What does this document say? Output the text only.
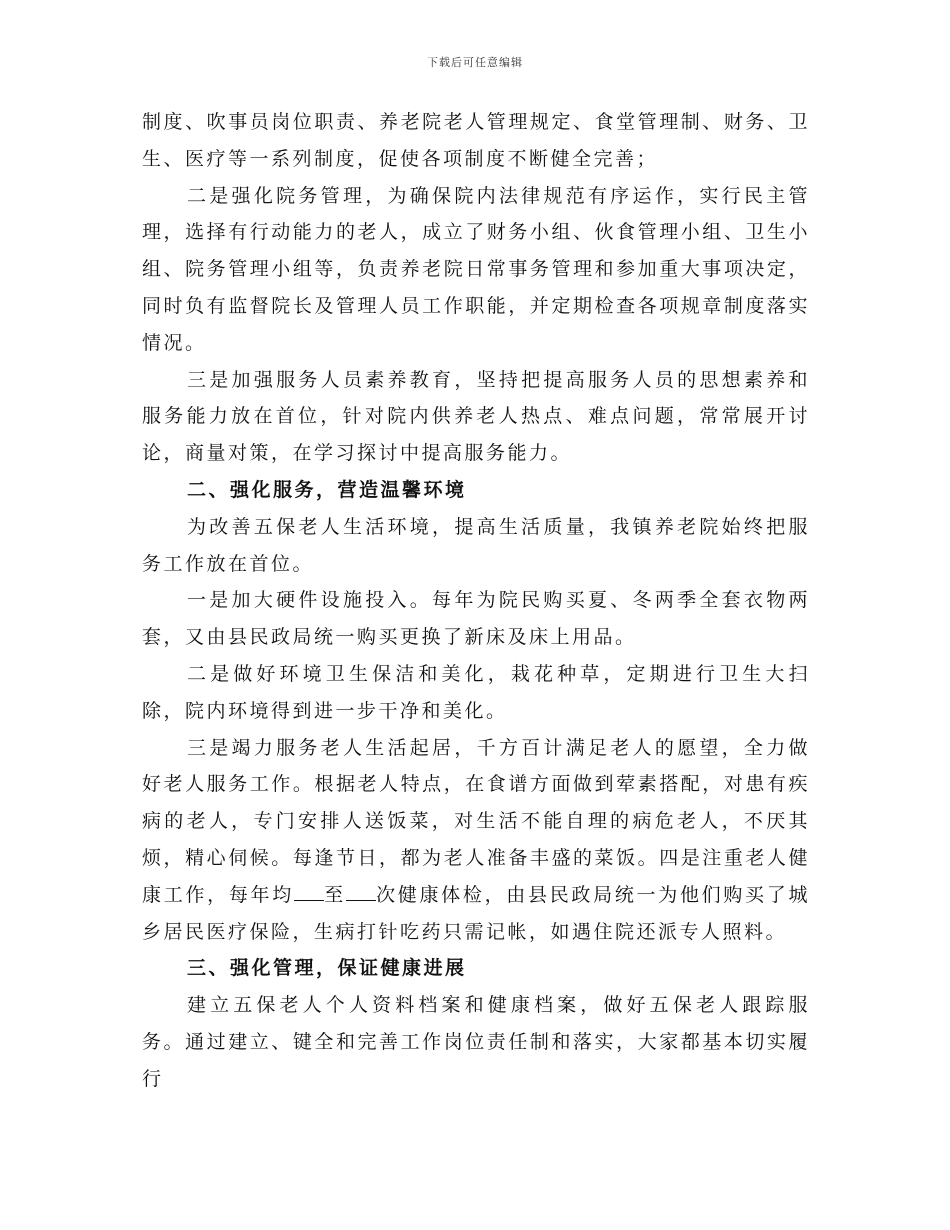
下载后可任意编辑

制度、吹事员岗位职责、养老院老人管理规定、食堂管理制、财务、卫生、医疗等一系列制度，促使各项制度不断健全完善；

二是强化院务管理，为确保院内法律规范有序运作，实行民主管理，选择有行动能力的老人，成立了财务小组、伙食管理小组、卫生小组、院务管理小组等，负责养老院日常事务管理和参加重大事项决定，同时负有监督院长及管理人员工作职能，并定期检查各项规章制度落实情况。

三是加强服务人员素养教育，坚持把提高服务人员的思想素养和服务能力放在首位，针对院内供养老人热点、难点问题，常常展开讨论，商量对策，在学习探讨中提高服务能力。

二、强化服务，营造温馨环境

为改善五保老人生活环境，提高生活质量，我镇养老院始终把服务工作放在首位。

一是加大硬件设施投入。每年为院民购买夏、冬两季全套衣物两套，又由县民政局统一购买更换了新床及床上用品。

二是做好环境卫生保洁和美化，栽花种草，定期进行卫生大扫除，院内环境得到进一步干净和美化。

三是竭力服务老人生活起居，千方百计满足老人的愿望，全力做好老人服务工作。根据老人特点，在食谱方面做到荤素搭配，对患有疾病的老人，专门安排人送饭菜，对生活不能自理的病危老人，不厌其烦，精心伺候。每逢节日，都为老人准备丰盛的菜饭。四是注重老人健康工作，每年均 至 次健康体检，由县民政局统一为他们购买了城乡居民医疗保险，生病打针吃药只需记帐，如遇住院还派专人照料。

三、强化管理，保证健康进展

建立五保老人个人资料档案和健康档案，做好五保老人跟踪服务。通过建立、键全和完善工作岗位责任制和落实，大家都基本切实履行
